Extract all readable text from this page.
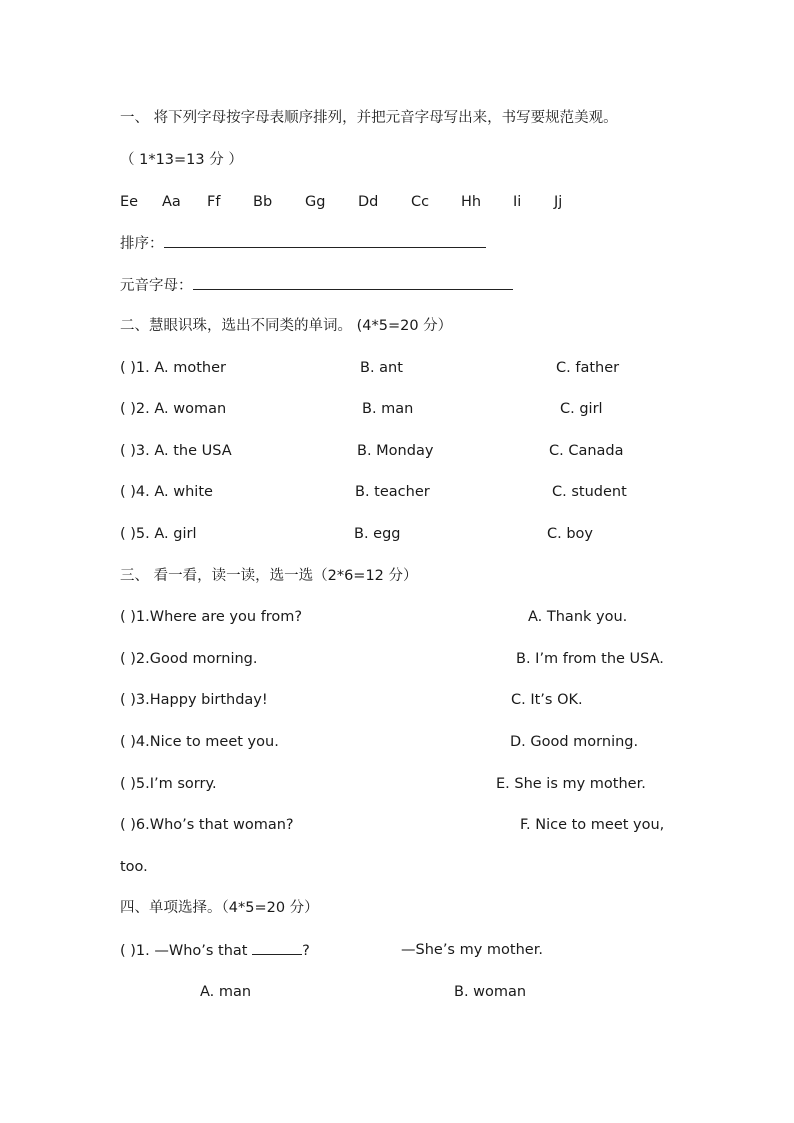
一、 将下列字母按字母表顺序排列，并把元音字母写出来，书写要规范美观。
（ 1*13=13 分 ）
Ee Aa Ff Bb Gg Dd Cc Hh Ii Jj
排序：
元音字母：
二、慧眼识珠，选出不同类的单词。 (4*5=20 分）
( )1. A. mother	B. ant	C. father
( )2. A. woman	B. man	C. girl
( )3. A. the USA	B. Monday	C. Canada
( )4. A. white	B. teacher	C. student
( )5. A. girl	B. egg	C. boy
三、 看一看，读一读，选一选（2*6=12 分）
( )1.Where are you from?	A. Thank you.
( )2.Good morning.	B. I’m from the USA.
( )3.Happy birthday!	C. It’s OK.
( )4.Nice to meet you.	D. Good morning.
( )5.I’m sorry.	E. She is my mother.
( )6.Who’s that woman?	F. Nice to meet you,
too.
四、单项选择。（4*5=20 分）
( )1. —Who’s that	?	—She’s my mother.
A. man	B. woman
